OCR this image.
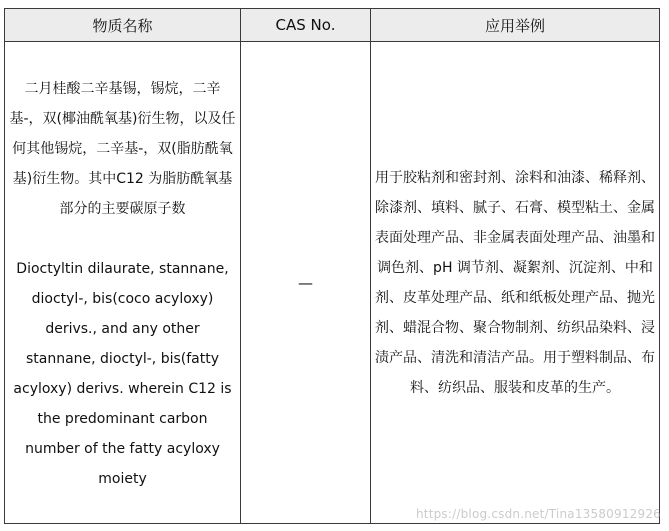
物质名称	CAS No.	应用举例

二月桂酸二辛基锡，锡烷，二辛基-，双(椰油酰氧基)衍生物，以及任何其他锡烷，二辛基-，双(脂肪酰氧基)衍生物。其中C12 为脂肪酰氧基部分的主要碳原子数
Dioctyltin dilaurate, stannane, dioctyl-, bis(coco acyloxy) derivs., and any other stannane, dioctyl-, bis(fatty acyloxy) derivs. wherein C12 is the predominant carbon number of the fatty acyloxy moiety	—	用于胶粘剂和密封剂、涂料和油漆、稀释剂、除漆剂、填料、腻子、石膏、模型粘土、金属表面处理产品、非金属表面处理产品、油墨和调色剂、pH 调节剂、凝絮剂、沉淀剂、中和剂、皮革处理产品、纸和纸板处理产品、抛光剂、蜡混合物、聚合物制剂、纺织品染料、浸渍产品、清洗和清洁产品。用于塑料制品、布料、纺织品、服装和皮革的生产。
https://blog.csdn.net/Tina13580912926
